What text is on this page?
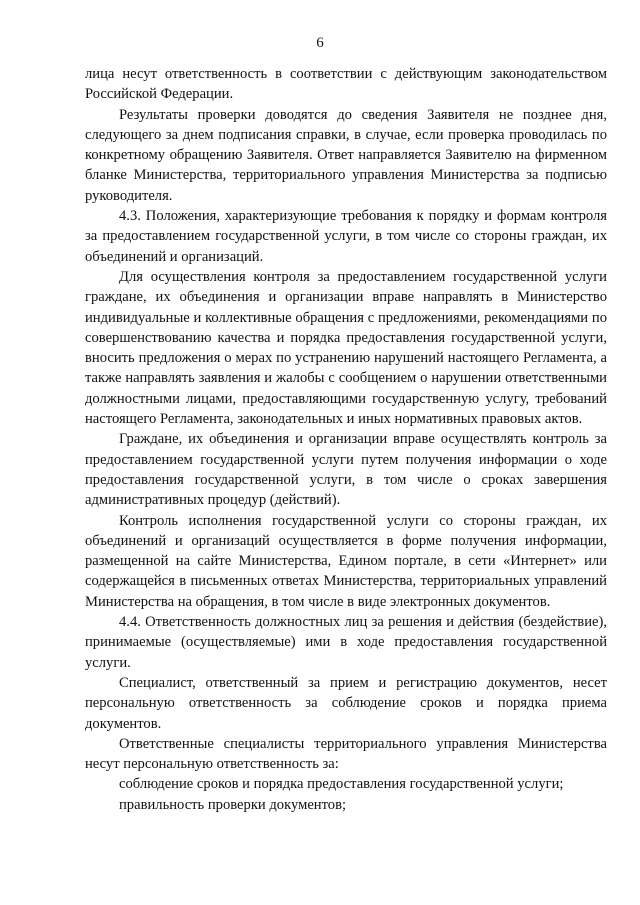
6

лица несут ответственность в соответствии с действующим законодательством Российской Федерации.

Результаты проверки доводятся до сведения Заявителя не позднее дня, следующего за днем подписания справки, в случае, если проверка проводилась по конкретному обращению Заявителя. Ответ направляется Заявителю на фирменном бланке Министерства, территориального управления Министерства за подписью руководителя.

4.3. Положения, характеризующие требования к порядку и формам контроля за предоставлением государственной услуги, в том числе со стороны граждан, их объединений и организаций.

Для осуществления контроля за предоставлением государственной услуги граждане, их объединения и организации вправе направлять в Министерство индивидуальные и коллективные обращения с предложениями, рекомендациями по совершенствованию качества и порядка предоставления государственной услуги, вносить предложения о мерах по устранению нарушений настоящего Регламента, а также направлять заявления и жалобы с сообщением о нарушении ответственными должностными лицами, предоставляющими государственную услугу, требований настоящего Регламента, законодательных и иных нормативных правовых актов.

Граждане, их объединения и организации вправе осуществлять контроль за предоставлением государственной услуги путем получения информации о ходе предоставления государственной услуги, в том числе о сроках завершения административных процедур (действий).

Контроль исполнения государственной услуги со стороны граждан, их объединений и организаций осуществляется в форме получения информации, размещенной на сайте Министерства, Едином портале, в сети «Интернет» или содержащейся в письменных ответах Министерства, территориальных управлений Министерства на обращения, в том числе в виде электронных документов.

4.4. Ответственность должностных лиц за решения и действия (бездействие), принимаемые (осуществляемые) ими в ходе предоставления государственной услуги.

Специалист, ответственный за прием и регистрацию документов, несет персональную ответственность за соблюдение сроков и порядка приема документов.

Ответственные специалисты территориального управления Министерства несут персональную ответственность за:

соблюдение сроков и порядка предоставления государственной услуги;

правильность проверки документов;
